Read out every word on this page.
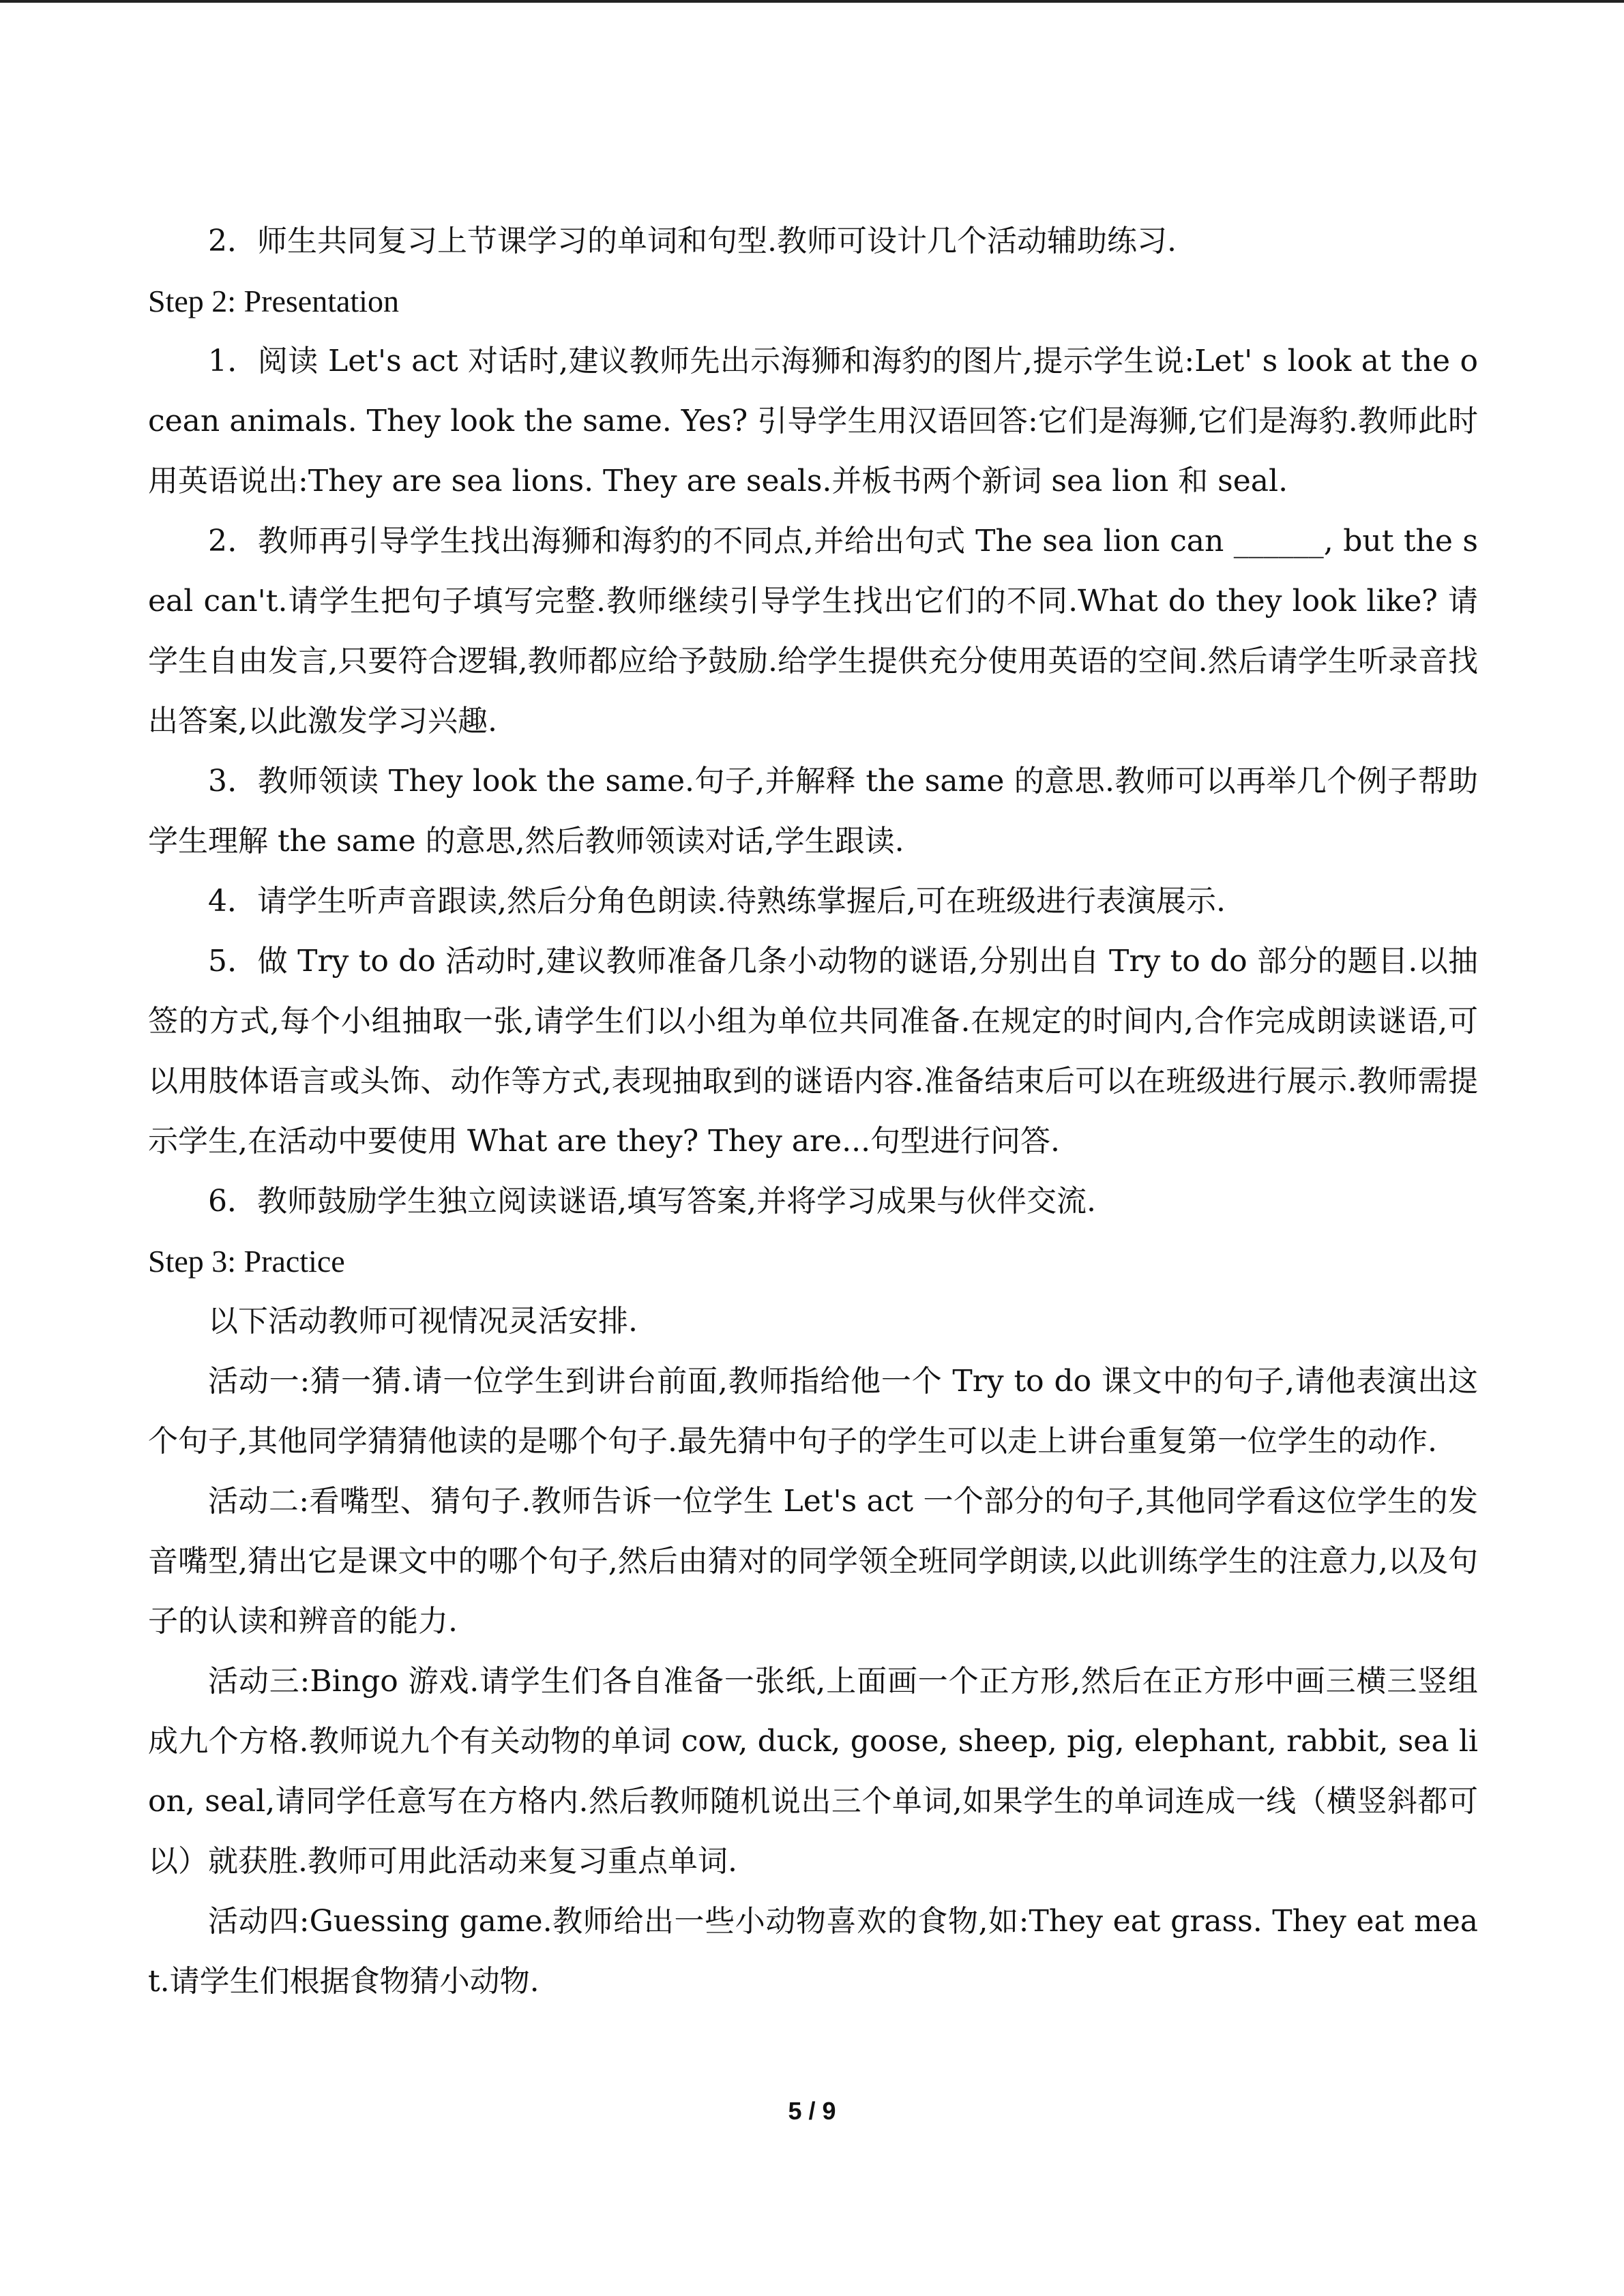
2．师生共同复习上节课学习的单词和句型.教师可设计几个活动辅助练习.

Step 2: Presentation

1．阅读 Let's act 对话时,建议教师先出示海狮和海豹的图片,提示学生说:Let' s look at the ocean animals. They look the same. Yes? 引导学生用汉语回答:它们是海狮,它们是海豹.教师此时用英语说出:They are sea lions. They are seals.并板书两个新词 sea lion 和 seal.

2．教师再引导学生找出海狮和海豹的不同点,并给出句式 The sea lion can ______, but the seal can't.请学生把句子填写完整.教师继续引导学生找出它们的不同.What do they look like? 请学生自由发言,只要符合逻辑,教师都应给予鼓励.给学生提供充分使用英语的空间.然后请学生听录音找出答案,以此激发学习兴趣.

3．教师领读 They look the same.句子,并解释 the same 的意思.教师可以再举几个例子帮助学生理解 the same 的意思,然后教师领读对话,学生跟读.

4．请学生听声音跟读,然后分角色朗读.待熟练掌握后,可在班级进行表演展示.

5．做 Try to do 活动时,建议教师准备几条小动物的谜语,分别出自 Try to do 部分的题目.以抽签的方式,每个小组抽取一张,请学生们以小组为单位共同准备.在规定的时间内,合作完成朗读谜语,可以用肢体语言或头饰、动作等方式,表现抽取到的谜语内容.准备结束后可以在班级进行展示.教师需提示学生,在活动中要使用 What are they? They are...句型进行问答.

6．教师鼓励学生独立阅读谜语,填写答案,并将学习成果与伙伴交流.

Step 3: Practice

以下活动教师可视情况灵活安排.

活动一:猜一猜.请一位学生到讲台前面,教师指给他一个 Try to do 课文中的句子,请他表演出这个句子,其他同学猜猜他读的是哪个句子.最先猜中句子的学生可以走上讲台重复第一位学生的动作.

活动二:看嘴型、猜句子.教师告诉一位学生 Let's act 一个部分的句子,其他同学看这位学生的发音嘴型,猜出它是课文中的哪个句子,然后由猜对的同学领全班同学朗读,以此训练学生的注意力,以及句子的认读和辨音的能力.

活动三:Bingo 游戏.请学生们各自准备一张纸,上面画一个正方形,然后在正方形中画三横三竖组成九个方格.教师说九个有关动物的单词 cow, duck, goose, sheep, pig, elephant, rabbit, sea lion, seal,请同学任意写在方格内.然后教师随机说出三个单词,如果学生的单词连成一线（横竖斜都可以）就获胜.教师可用此活动来复习重点单词.

活动四:Guessing game.教师给出一些小动物喜欢的食物,如:They eat grass. They eat meat.请学生们根据食物猜小动物.

5 / 9
